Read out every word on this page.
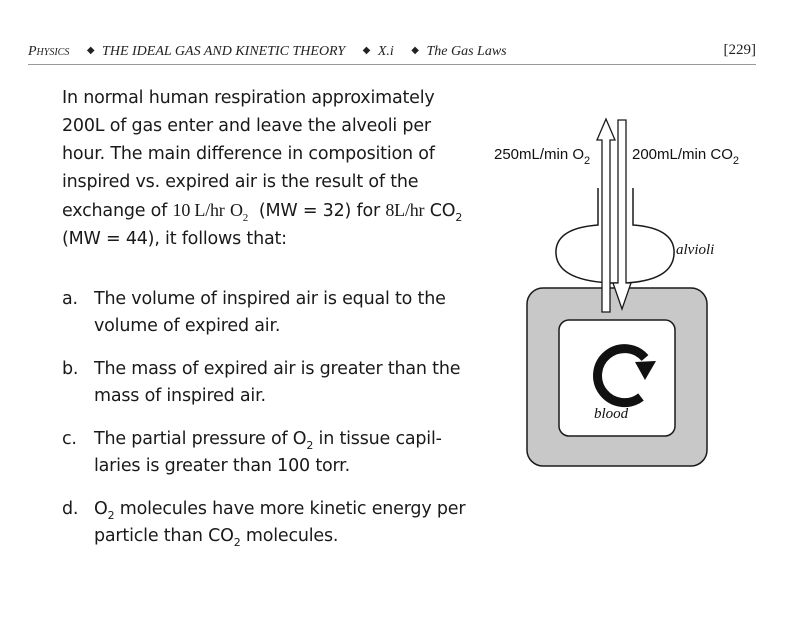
Physics ◆ THE IDEAL GAS AND KINETIC THEORY ◆ X.i ◆ The Gas Laws	[229]
In normal human respiration approximately 200L of gas enter and leave the alveoli per hour. The main difference in composition of inspired vs. expired air is the result of the exchange of 10 L/hr $O_2$ (MW = 32) for 8L/hr $CO_2$ (MW = 44), it follows that:
a. The volume of inspired air is equal to the volume of expired air.
b. The mass of expired air is greater than the mass of inspired air.
c. The partial pressure of $O_2$ in tissue capil-laries is greater than 100 torr.
d. $O_2$ molecules have more kinetic energy per particle than $CO_2$ molecules.
250mL/min $O_2$	200mL/min $CO_2$
alvioli
blood
